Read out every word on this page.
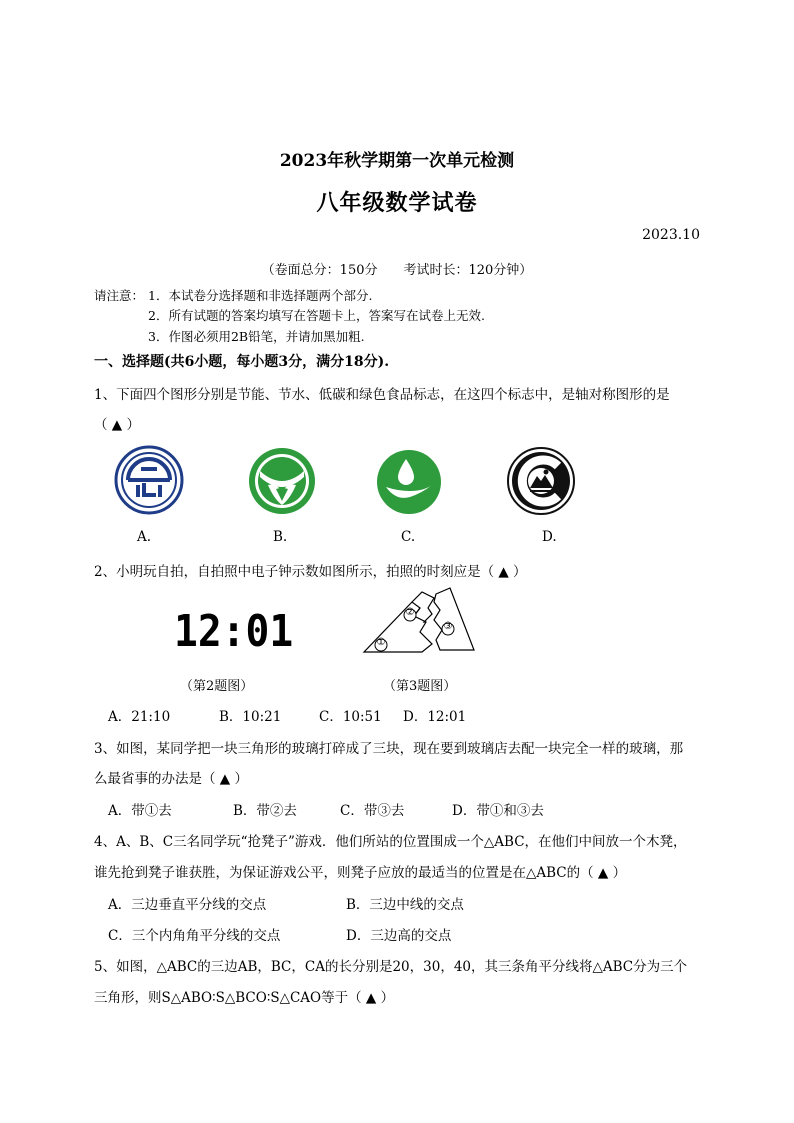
2023年秋学期第一次单元检测
八年级数学试卷
2023.10
（卷面总分：150分　　考试时长：120分钟）
请注意： 1．本试卷分选择题和非选择题两个部分.
2．所有试题的答案均填写在答题卡上，答案写在试卷上无效.
3．作图必须用2B铅笔，并请加黑加粗.
一、选择题(共6小题，每小题3分，满分18分).
1、下面四个图形分别是节能、节水、低碳和绿色食品标志，在这四个标志中，是轴对称图形的是
（ ▲ ）
A.	B.	C.	D.
2、小明玩自拍，自拍照中电子钟示数如图所示，拍照的时刻应是（ ▲ ）
12:01	①
②
③
（第2题图）	（第3题图）
A．21:10	B．10:21	C．10:51 D．12:01
3、如图，某同学把一块三角形的玻璃打碎成了三块，现在要到玻璃店去配一块完全一样的玻璃，那
么最省事的办法是（ ▲ ）
A．带①去	B．带②去	C．带③去	D．带①和③去
4、A、B、C三名同学玩“抢凳子”游戏．他们所站的位置围成一个△ABC，在他们中间放一个木凳，
谁先抢到凳子谁获胜，为保证游戏公平，则凳子应放的最适当的位置是在△ABC的（ ▲ ）
A．三边垂直平分线的交点	B．三边中线的交点
C．三个内角角平分线的交点	D．三边高的交点
5、如图，△ABC的三边AB，BC，CA的长分别是20，30，40，其三条角平分线将△ABC分为三个
三角形，则S△ABO∶S△BCO∶S△CAO等于（ ▲ ）
